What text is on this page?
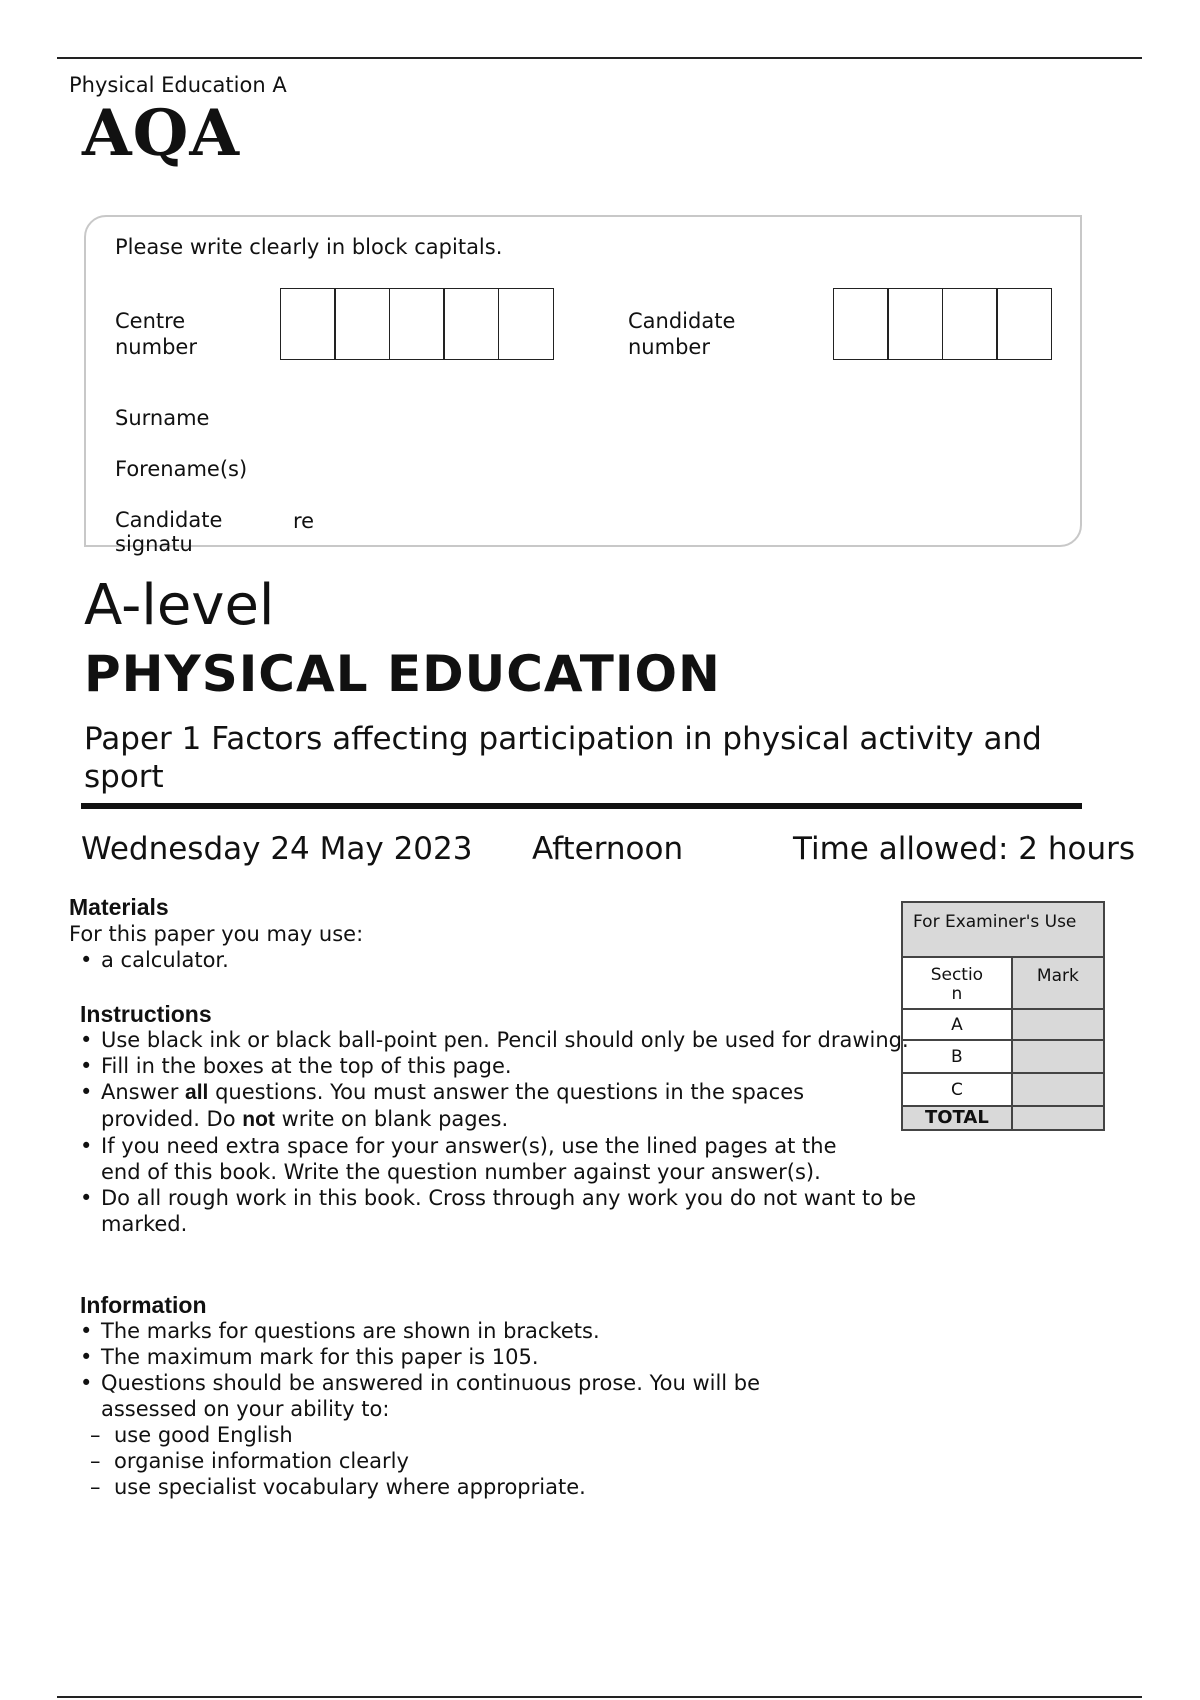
Physical Education A
AQA
Please write clearly in block capitals.
Centre
number
Candidate
number
Surname
Forename(s)
Candidate
signatu
re
A-level
PHYSICAL EDUCATION
Paper 1 Factors affecting participation in physical activity and sport
Wednesday 24 May 2023 Afternoon	Time allowed: 2 hours
Materials
For this paper you may use:
• a calculator.
Instructions
• Use black ink or black ball-point pen. Pencil should only be used for drawing.
• Fill in the boxes at the top of this page.
• Answer all questions. You must answer the questions in the spaces provided. Do not write on blank pages.
• If you need extra space for your answer(s), use the lined pages at the end of this book. Write the question number against your answer(s).
• Do all rough work in this book. Cross through any work you do not want to be marked.
Information
• The marks for questions are shown in brackets.
• The maximum mark for this paper is 105.
• Questions should be answered in continuous prose. You will be assessed on your ability to:
– use good English
– organise information clearly
– use specialist vocabulary where appropriate.
For Examiner's Use	
Sectio
n	Mark
A	
B	
C	
TOTAL	
